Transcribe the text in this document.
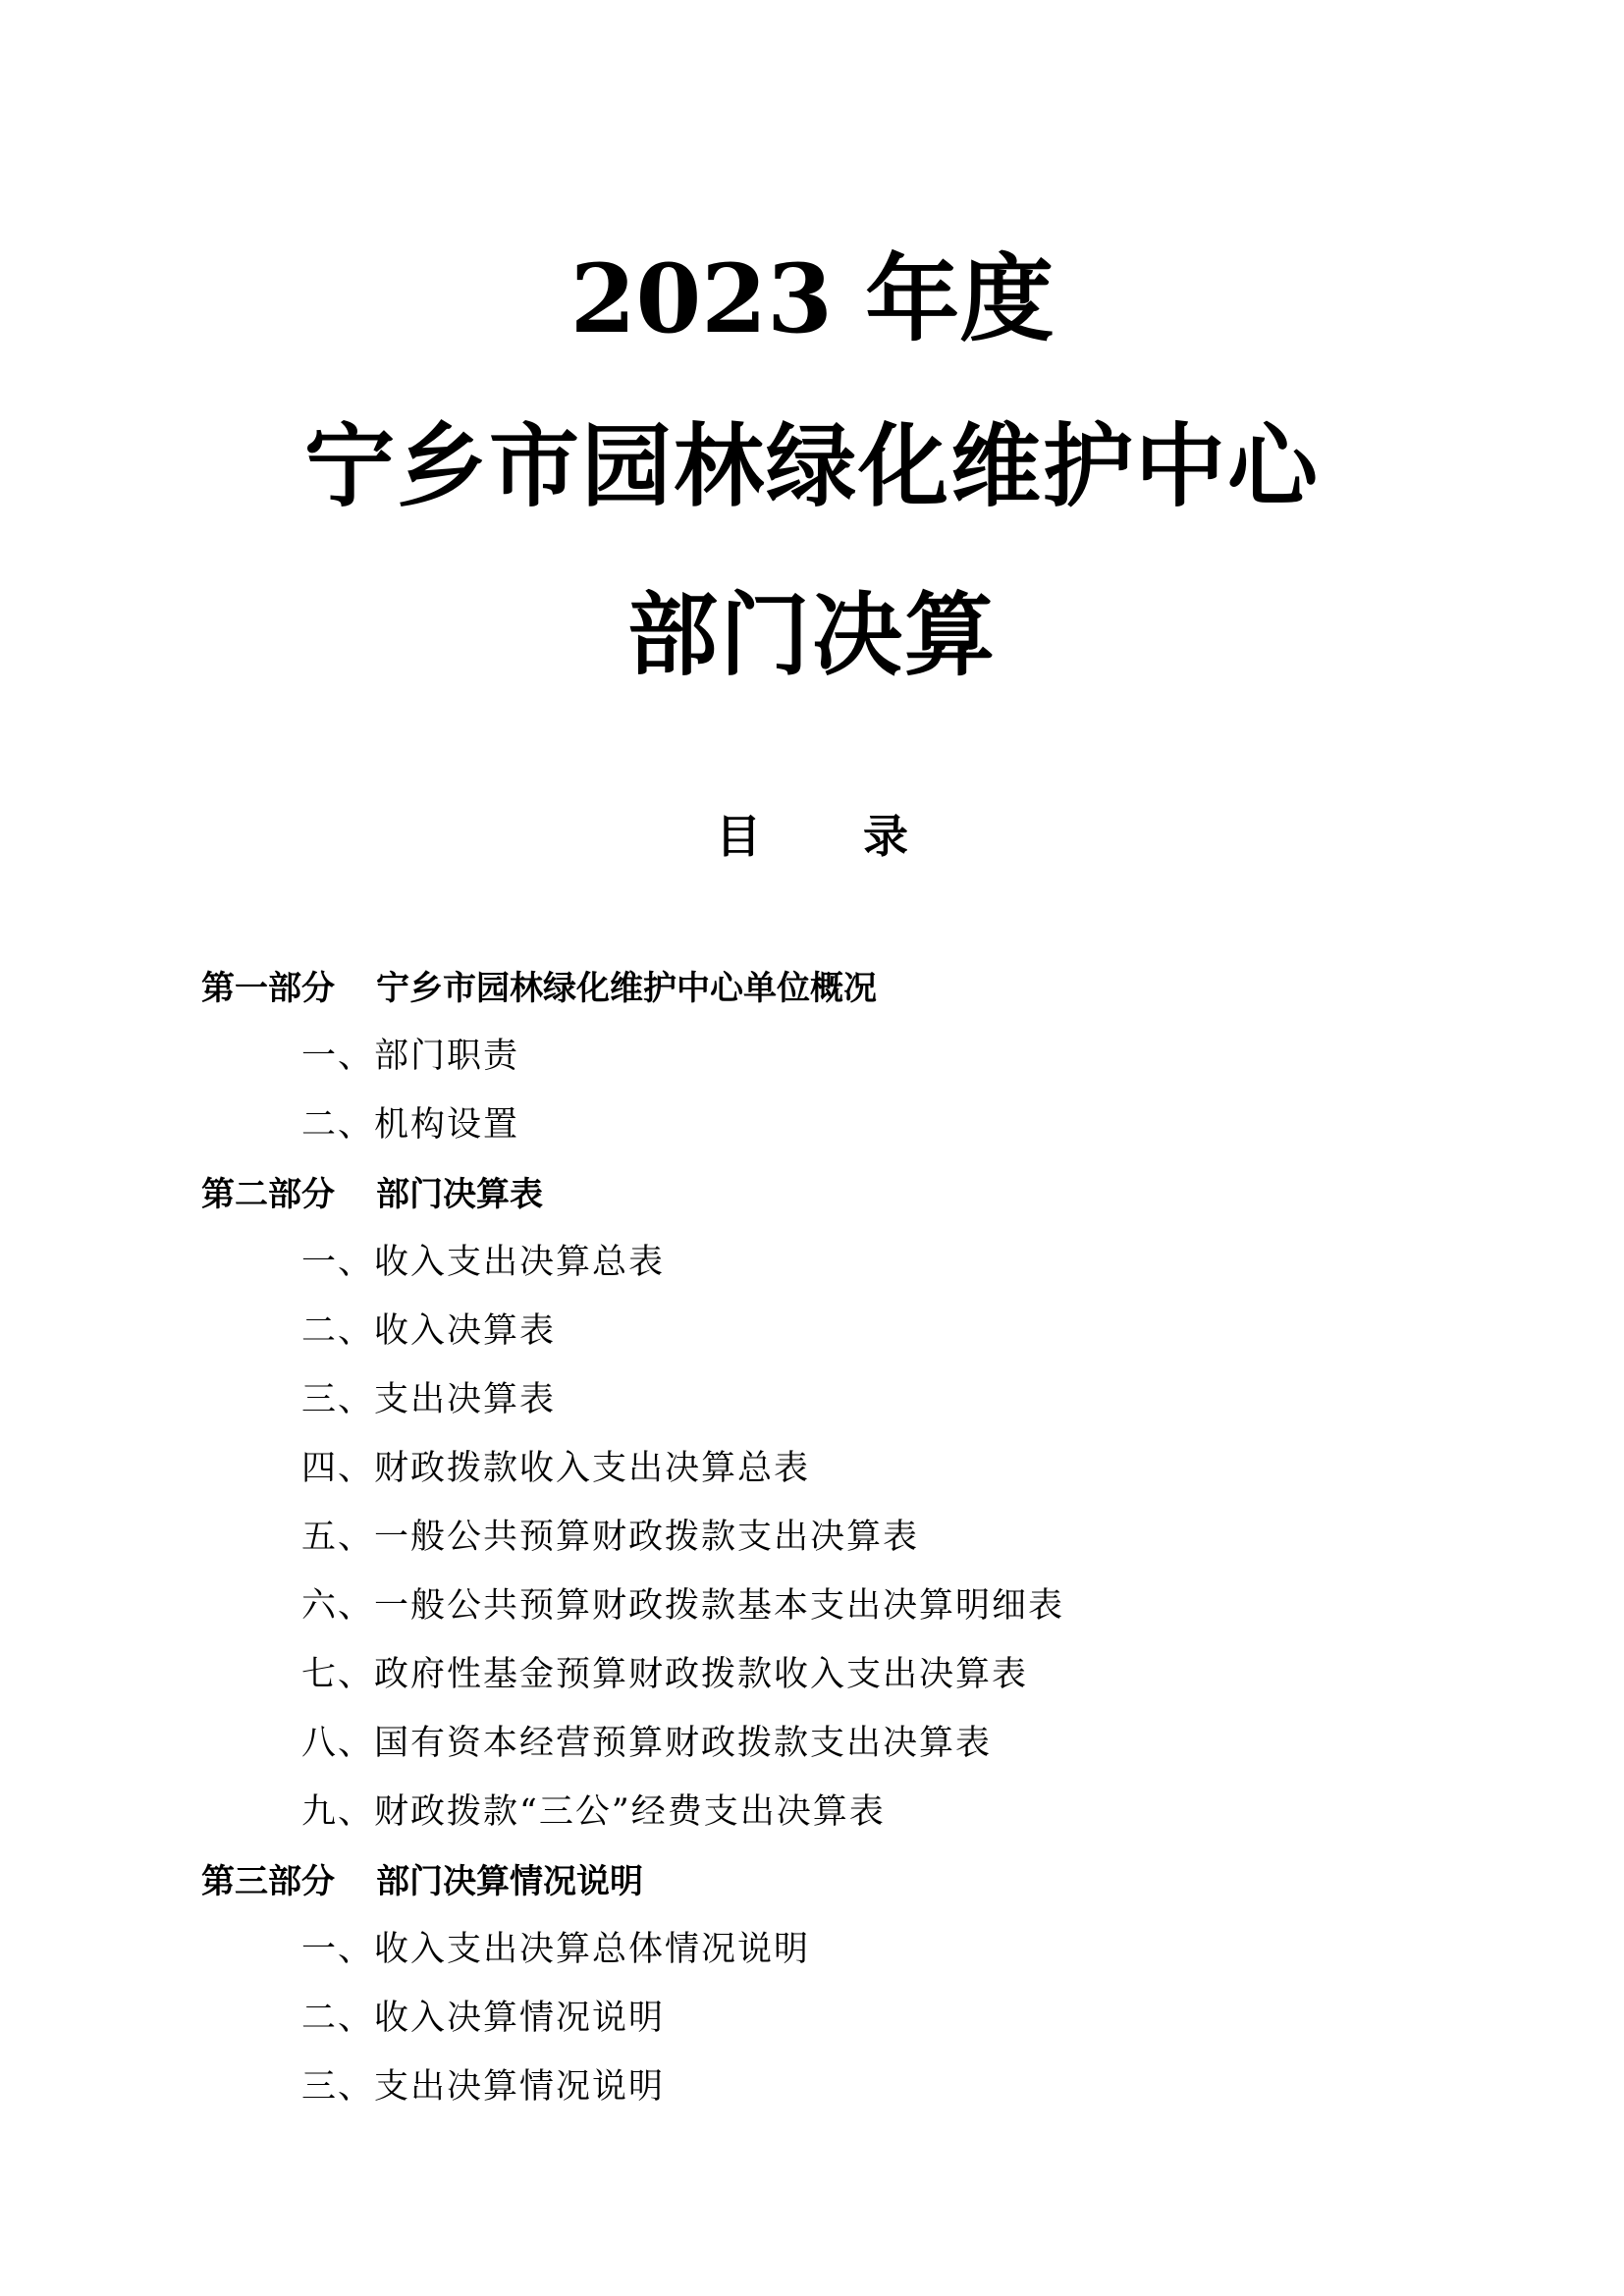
2023 年度
宁乡市园林绿化维护中心
部门决算
目 录
第一部分	宁乡市园林绿化维护中心单位概况
一、部门职责
二、机构设置
第二部分	部门决算表
一、收入支出决算总表
二、收入决算表
三、支出决算表
四、财政拨款收入支出决算总表
五、一般公共预算财政拨款支出决算表
六、一般公共预算财政拨款基本支出决算明细表
七、政府性基金预算财政拨款收入支出决算表
八、国有资本经营预算财政拨款支出决算表
九、财政拨款“三公”经费支出决算表
第三部分	部门决算情况说明
一、收入支出决算总体情况说明
二、收入决算情况说明
三、支出决算情况说明
